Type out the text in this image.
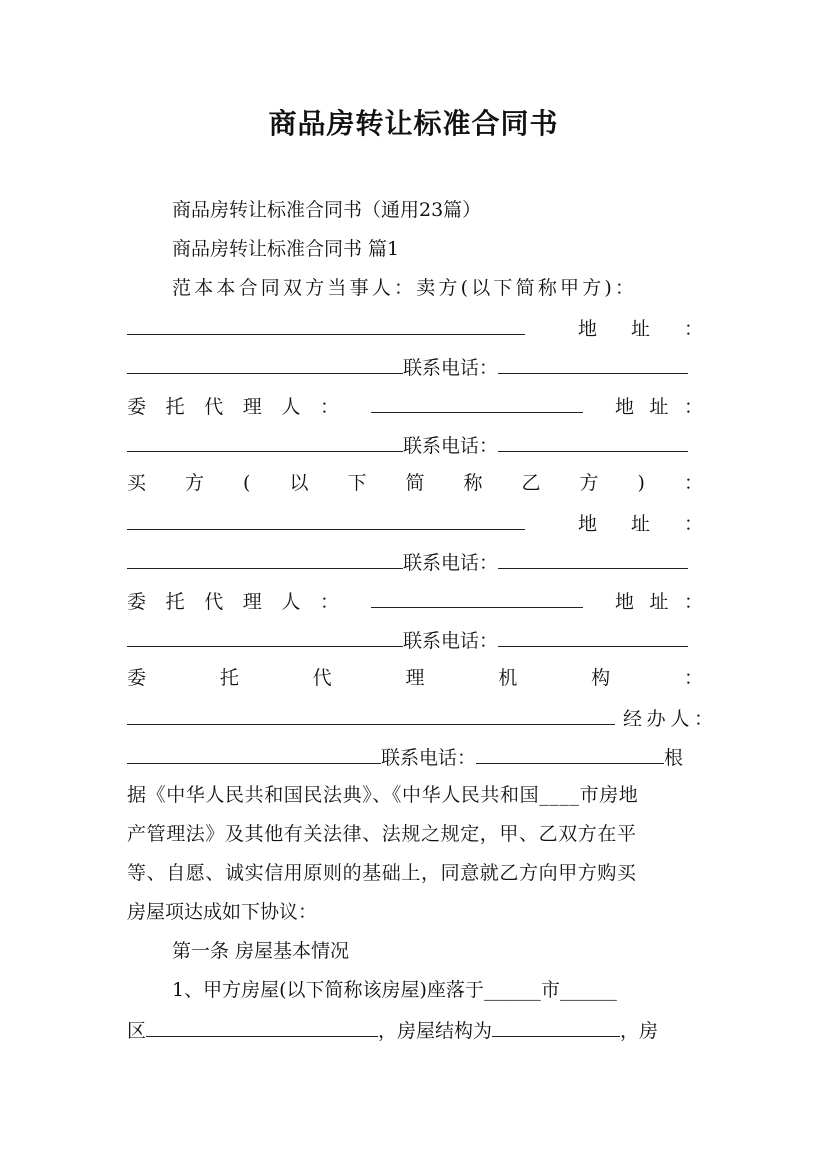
商品房转让标准合同书
商品房转让标准合同书（通用23篇）
商品房转让标准合同书 篇1
范本本合同双方当事人：卖方(以下简称甲方)：
地 址 ：
联系电话：
委 托 代 理 人 ：	地 址 ：
联系电话：
买 方 ( 以 下 简 称 乙 方 ) ：
地 址 ：
联系电话：
委 托 代 理 人 ：	地 址 ：
联系电话：
委	托	代	理	机	构	：
经 办 人 ：
联系电话：	根
据《中华人民共和国民法典》、《中华人民共和国____市房地
产管理法》及其他有关法律、法规之规定，甲、乙双方在平
等、自愿、诚实信用原则的基础上，同意就乙方向甲方购买
房屋项达成如下协议：
第一条 房屋基本情况
1、甲方房屋(以下简称该房屋)座落于______市______
区	，房屋结构为	，房
